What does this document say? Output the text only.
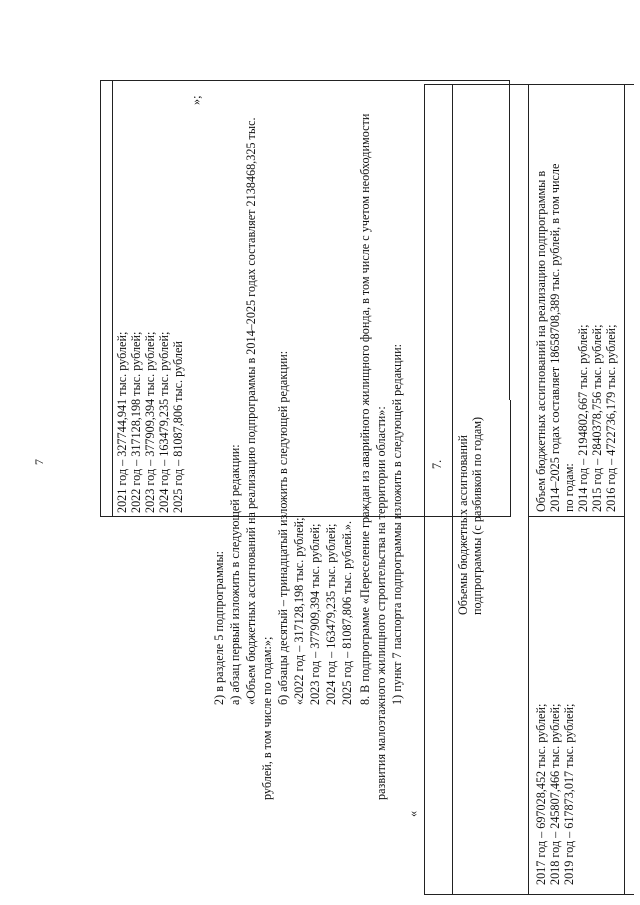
7	2021 год – 327744,941 тыс. рублей; 2022 год – 317128,198 тыс. рублей; 2023 год – 377909,394 тыс. рублей; 2024 год – 163479,235 тыс. рублей; 2025 год – 81087,806 тыс. рублей
»;
2) в разделе 5 подпрограммы: а) абзац первый изложить в следующей редакции: «Объем бюджетных ассигнований на реализацию подпрограммы в 2014–2025 годах составляет 2138468,325 тыс.
рублей, в том числе по годам:»;
б) абзацы десятый – тринадцатый изложить в следующей редакции: «2022 год – 317128,198 тыс. рублей; 2023 год – 377909,394 тыс. рублей; 2024 год – 163479,235 тыс. рублей; 2025 год – 81087,806 тыс. рублей.». 8. В подпрограмме «Переселение граждан из аварийного жилищного фонда, в том числе с учетом необходимости развития малоэтажного жилищного строительства на территории области»: 1) пункт 7 паспорта подпрограммы изложить в следующей редакции:
«
7. Объемы бюджетных ассигнований подпрограммы (с разбивкой по годам)
Объем бюджетных ассигнований на реализацию подпрограммы в 2014–2025 годах составляет 18658708,389 тыс. рублей, в том числе по годам: 2014 год – 2194802,667 тыс. рублей; 2015 год – 2840378,756 тыс. рублей; 2016 год – 4722736,179 тыс. рублей;
2017 год – 697028,452 тыс. рублей; 2018 год – 245807,466 тыс. рублей; 2019 год – 617873,017 тыс. рублей;
